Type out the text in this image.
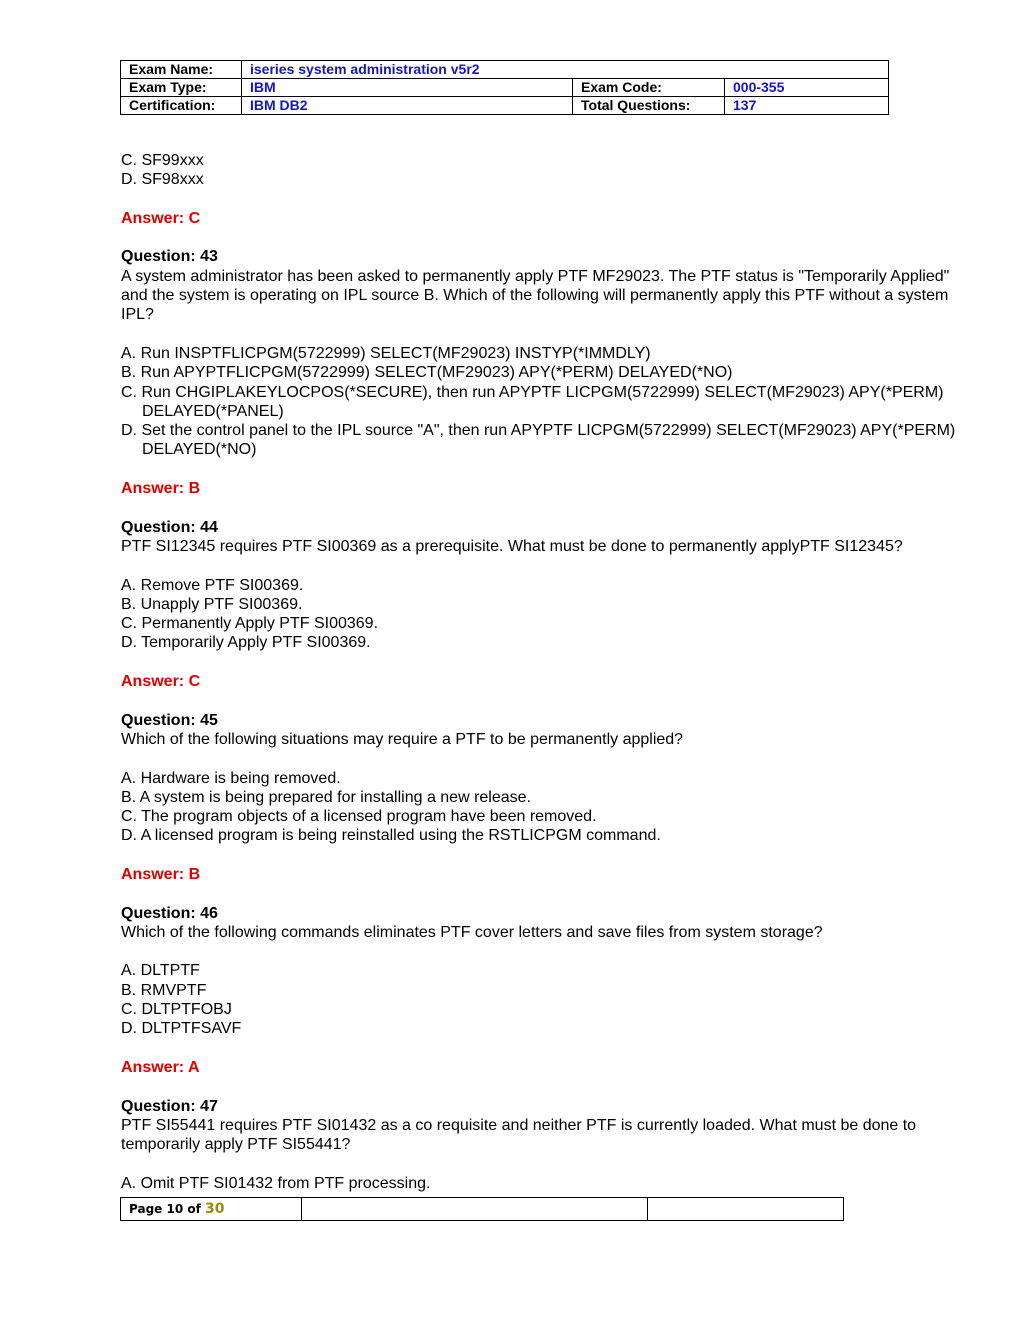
Exam Name:	iseries system administration v5r2		
Exam Type:	IBM	Exam Code:	000-355
Certification:	IBM DB2	Total Questions:	137

C. SF99xxx

D. SF98xxx

Answer: C

Question: 43

A system administrator has been asked to permanently apply PTF MF29023. The PTF status is "Temporarily Applied" and the system is operating on IPL source B. Which of the following will permanently apply this PTF without a system IPL?

A. Run INSPTFLICPGM(5722999) SELECT(MF29023) INSTYP(*IMMDLY)

B. Run APYPTFLICPGM(5722999) SELECT(MF29023) APY(*PERM) DELAYED(*NO)

C. Run CHGIPLAKEYLOCPOS(*SECURE), then run APYPTF LICPGM(5722999) SELECT(MF29023) APY(*PERM) DELAYED(*PANEL)

D. Set the control panel to the IPL source "A", then run APYPTF LICPGM(5722999) SELECT(MF29023) APY(*PERM) DELAYED(*NO)

Answer: B

Question: 44

PTF SI12345 requires PTF SI00369 as a prerequisite. What must be done to permanently applyPTF SI12345?

A. Remove PTF SI00369.

B. Unapply PTF SI00369.

C. Permanently Apply PTF SI00369.

D. Temporarily Apply PTF SI00369.

Answer: C

Question: 45

Which of the following situations may require a PTF to be permanently applied?

A. Hardware is being removed.

B. A system is being prepared for installing a new release.

C. The program objects of a licensed program have been removed.

D. A licensed program is being reinstalled using the RSTLICPGM command.

Answer: B

Question: 46

Which of the following commands eliminates PTF cover letters and save files from system storage?

A. DLTPTF

B. RMVPTF

C. DLTPTFOBJ

D. DLTPTFSAVF

Answer: A

Question: 47

PTF SI55441 requires PTF SI01432 as a co requisite and neither PTF is currently loaded. What must be done to temporarily apply PTF SI55441?

A. Omit PTF SI01432 from PTF processing.

Page 10 of 30		
